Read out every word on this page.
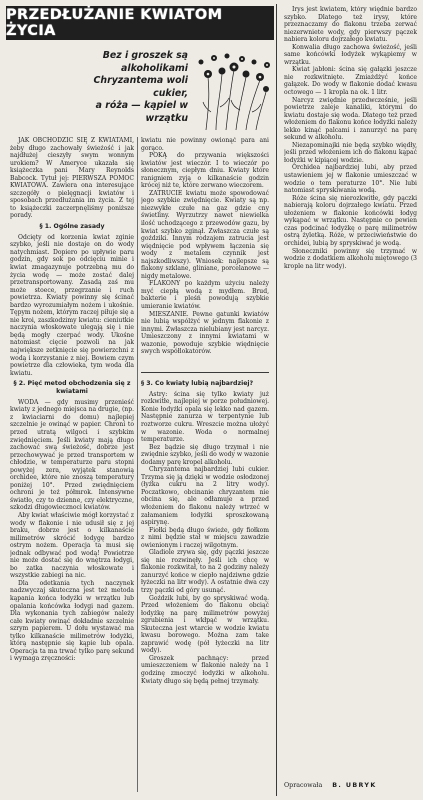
PRZEDŁUŻANIE KWIATOM ŻYCIA
Bez i groszek są
alkoholikami
Chryzantema woli
cukier,
a róża — kąpiel w
wrzątku

JAK OBCHODZIĆ SIĘ Z KWIATAMI, żeby długo zachowały świeżość i jak najdłużej cieszyły swym wonnym urokiem? W Ameryce ukazała się książeczka pani Mary Reynolds Babcock. Tytuł jej: PIERWSZA POMOC KWIATOWA. Zawiera ona interesujące szczegóły o pielęgnacji kwiatów i sposobach przedłużania im życia. Z tej to książeczki zaczerpnęliśmy poniższe porady.

§ 1. Ogólne zasady

Odcięty od korzenia kwiat zginie szybko, jeśli nie dostaje on do wody natychmiast. Dopiero po upływie paru godzin, gdy sok po odcięciu minie i kwiat zmagazynuje potrzebną mu do życia wodę — może zostać dalej przetransportowany. Zasadą zaś mu może stoece, przegrzanie i ruch powietrza. Kwiaty powinny się ścinać bardzo wyrozumiałym nożem i ukośnie. Tępym nożem, którym raczej piłuje się a nie kroi, zaszkodzimy kwiatu: cieniutkie naczynia włoskowate ulegają się i nie będą mogły czerpać wody. Ukośne natomiast cięcie pozwoli na jak największe zetknięcie się powierzchni z wodą i korzystanie z niej. Bowiem czym powietrze dla człowieka, tym woda dla kwiatu.

§ 2. Pięć metod obchodzenia się z kwiatami

WODA — gdy musimy przenieść kwiaty z jednego miejsca na drugie, (np. z kwiaciarni do domu) najlepiej szczelnie je owinąć w papier. Chroni to przed utratą wilgoci i szybkim zwiędnięciem. Jeśli kwiaty mają długo zachować swą świeżość, dobrze jest przechowywać je przed transportem w chłodzie, w temperaturze paru stopni powyżej zera, wyjątek stanowią orchidee, które nie znoszą temperatury poniżej 10°. Przed zwiędnięciem ochroni je też półmrok. Intensywne światło, czy to dzienne, czy elektryczne, szkodzi długowiecznoci kwiatów.

Aby kwiat właściwie mógł korzystać z wody w flakonie i nie udusił się z jej braku, dobrze jest o kilkanaście milimetrów skrócić łodygę bardzo ostrym nożem. Operacja ta musi się jednak odbywać pod wodą! Powietrze nie może dostać się do wnętrza łodygi, bo zatka naczynia włoskowate i wszystkie zabiegi na nic.

Dla odetkania tych naczynek nadzwyczaj skuteczna jest też metoda kąpania końca łodyżki w wrzątku lub opalania końcówka łodygi nad gazem. Dla wykonania tych zabiegów należy całe kwiaty owinąć dokładnie szczelnie szrym papierem. U dołu wystawać ma tylko kilkanaście milimetrów łodyżki, którą następnie się kąpie lub opala. Operacja ta ma trwać tylko parę sekund i wymaga zręczności:

kwiatu nie powinny owionąć para ani gorąco.

POKĄ do przywania większości kwiatów jest wieczór. I to wieczór po słonecznym, ciepłym dniu. Kwiaty które ranigniem zyją o kilkanaście godzin krócej niż te, które zerwano wieczorem.

ZATRUCIE kwiatu może spowodować jego szybkie zwiędnięcie. Kwiaty są np. niezwykłe czułe na gaz gdzie cny świetliny. Wyrzutrzy nawet niewielka ilość uchodzącego z przewodów gazu, by kwiat szybko zginął. Zwłaszcza czułe są goździki. Innym rodzajem zatrucia jest więdnięcie pod wpływem łączenia się wody z metalem czynnik jest najszkodliwszy). Wniosek: najlepsze są flakony szklane, gliniane, porcelanowe — nigdy metalowe.

FLAKONY po każdym użyciu należy myć ciepłą wodą z mydłem. Brud, bakterie i pleśń powodują szybkie umieranie kwiatów.

MIESZANIE. Pewne gatunki kwiatów nie lubią wspólżyć w jednym flakonie z innymi. Zwłaszcza nielubiany jest narcyz. Umieszczony z innymi kwiatami w wazonie, powoduje szybkie więdnięcie swych współlokatorów.

§ 3. Co kwiaty lubią najbardziej?

Astry: ścina się tylko kwiaty już rozkwitłe, najlepiej w porze południowej. Konie łodyżki opala się lekko nad gazem. Następnie zanurza w terpentynie lub roztworze cukru. Wreszcie można ułożyć w wazonie. Woda o normalnej temperaturze.

Bez bądzie się długo trzymał i nie zwiędnie szybko, jeśli do wody w wazonie dodamy parę kropel alkoholu.

Chryzantema najbardziej lubi cukier. Trzyma się ją dzięki w wodzie osłodzonej (łyżka cukru na 2 litry wody). Poczatkowo, obcinanie chryzantem nie obcina się, ale odłamuje a przed włożeniem do flakonu należy wtrzeć w załamaniem łodyżki sproszkowaną aspirynę.

Fiołki będą długo świeże, gdy fiołkom z nimi będzie stał w miejscu zawadzie owienionym i raczej wilgotnym.

Gladiole zrywa się, gdy pączki jeszcze się nie rozwinęły. Jeśli ich chcę w flakonie rozkwitał, to na 2 godziny należy zanurzyć końce w ciepło najdziwne gdzie łyżeczki na litr wody). A ostatnie dwa czy trzy pączki od góry usunąć.

Goździk lubi, by go spryskiwać wodą. Przed włożeniem do flakonu obciąć łodyżkę na parę milimetrów powyżej zgrubienia i wkłpąć w wrzątku. Skuteczna jest wtarcie w wodzie kwiatu kwasu borowego. Można zam take zaprawić wodę (pół łyżeczki na litr wody).

Groszek pachnący: przed umieszczeniem w flakonie należy na 1 godzinę zmoczyć łodyżki w alkoholu. Kwiaty długo się będą pełnej trzymały.

Irys jest kwiatem, który więdnie bardzo szybko. Dlatego też irysy, które przeznaczamy do flakonu trzeba zerwać niezerwniete wody, gdy pierwszy pączek nabiera koloru dojrzałego kwiatu.

Konwalia długo zachowa świeżość, jeśli same końcówki łodyżek wykąpiemy w wrzątku.

Kwiat jabłoni: ścina się gałązki jeszcze nie rozkwitnięte. Zmiażdżyć końce gałązek. Do wody w flakonie dodać kwasu octowego — 1 kropla na ok. 1 litr.

Narcyz zwiędnie przedwcześnie, jeśli powietrze zaleje kanaliki, którymi do kwiatu dostaje się woda. Dlatego też przed włożeniem do flakonu końce łodyżki należy lekko kinąć palcami i zanurzyć na parę sekund w alkoholu.

Niezapominajki nie będą szybko więdły, jeśli przed włożeniem ich do flakonu kąpać łodyżki w kipiącej wodzie.

Orchidea najbardziej lubi, aby przed ustawieniem jej w flakonie umieszczać w wodzie o tem peraturze 10°. Nie lubi natomiast spryskiwania wodą.

Róże ścina się nierozkwitłe, gdy pączki nabierają koloru dojrzałego kwiatu. Przed ułożeniem w flakonie końcówki łodyg wykąpać w wrzątku. Następnie co pewien czas podcinać łodyżkę o parę milimetrów ostrą żyletką. Róże, w przeciwieństwie do orchidei, lubią by spryskiwać je wodą.

Słoneczniki powinny się trzymać w wodzie z dodatkiem alkoholu miętowego (3 krople na litr wody).

Opracowała B. UBRYK
